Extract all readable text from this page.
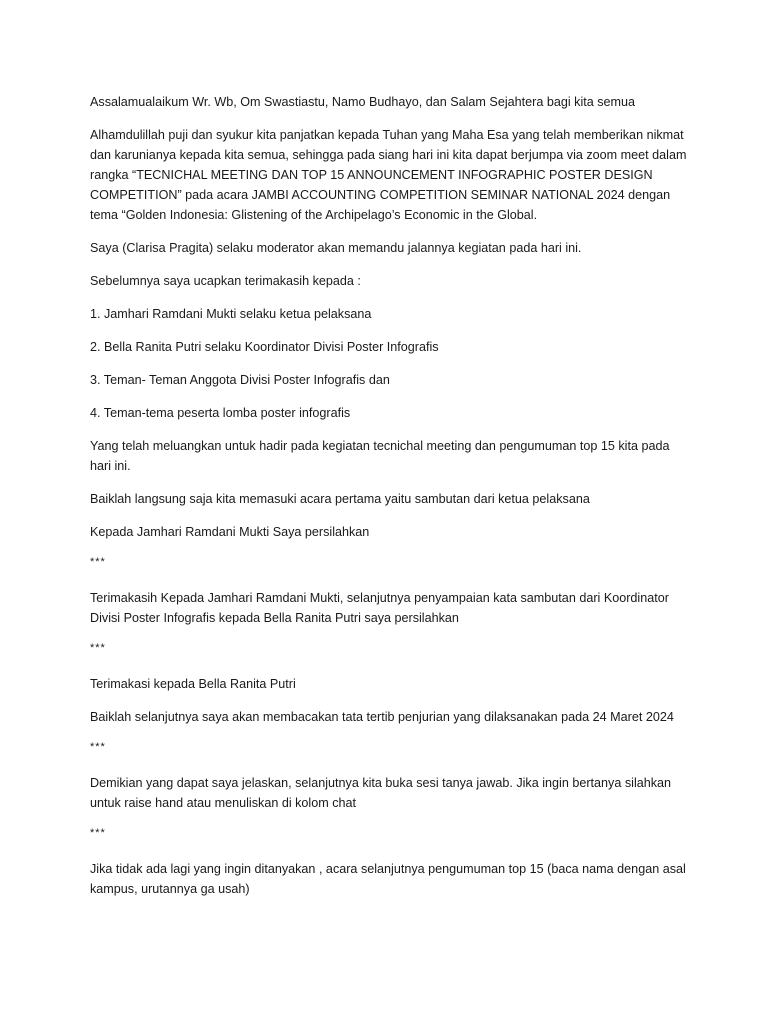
Assalamualaikum Wr. Wb, Om Swastiastu, Namo Budhayo, dan Salam Sejahtera bagi kita semua

Alhamdulillah puji dan syukur kita panjatkan kepada Tuhan yang Maha Esa yang telah memberikan nikmat dan karunianya kepada kita semua, sehingga pada siang hari ini kita dapat berjumpa via zoom meet dalam rangka “TECNICHAL MEETING DAN TOP 15 ANNOUNCEMENT INFOGRAPHIC POSTER DESIGN COMPETITION” pada acara JAMBI ACCOUNTING COMPETITION SEMINAR NATIONAL 2024 dengan tema “Golden Indonesia: Glistening of the Archipelago’s Economic in the Global.

Saya (Clarisa Pragita) selaku moderator akan memandu jalannya kegiatan pada hari ini.

Sebelumnya saya ucapkan terimakasih kepada :

1. Jamhari Ramdani Mukti selaku ketua pelaksana

2. Bella Ranita Putri selaku Koordinator Divisi Poster Infografis

3. Teman- Teman Anggota Divisi Poster Infografis dan

4. Teman-tema peserta lomba poster infografis

Yang telah meluangkan untuk hadir pada kegiatan tecnichal meeting dan pengumuman top 15 kita pada hari ini.

Baiklah langsung saja kita memasuki acara pertama yaitu sambutan dari ketua pelaksana

Kepada Jamhari Ramdani Mukti Saya persilahkan

***

Terimakasih Kepada Jamhari Ramdani Mukti, selanjutnya penyampaian kata sambutan dari Koordinator Divisi Poster Infografis kepada Bella Ranita Putri saya persilahkan

***

Terimakasi kepada Bella Ranita Putri

Baiklah selanjutnya saya akan membacakan tata tertib penjurian yang dilaksanakan pada 24 Maret 2024

***

Demikian yang dapat saya jelaskan, selanjutnya kita buka sesi tanya jawab. Jika ingin bertanya silahkan untuk raise hand atau menuliskan di kolom chat

***

Jika tidak ada lagi yang ingin ditanyakan , acara selanjutnya pengumuman top 15 (baca nama dengan asal kampus, urutannya ga usah)
